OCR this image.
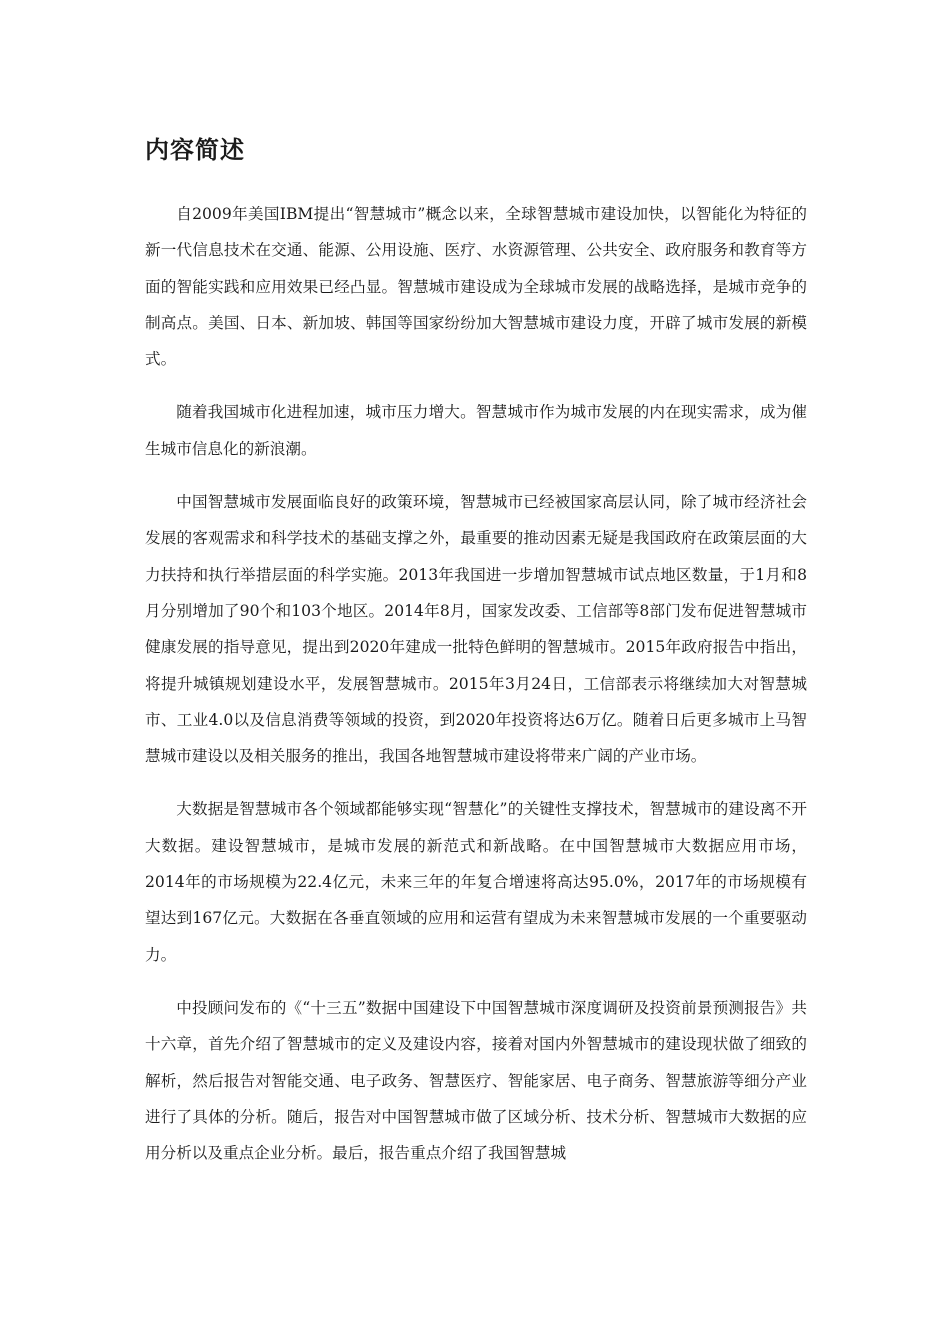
内容简述

自2009年美国IBM提出“智慧城市”概念以来，全球智慧城市建设加快，以智能化为特征的新一代信息技术在交通、能源、公用设施、医疗、水资源管理、公共安全、政府服务和教育等方面的智能实践和应用效果已经凸显。智慧城市建设成为全球城市发展的战略选择，是城市竞争的制高点。美国、日本、新加坡、韩国等国家纷纷加大智慧城市建设力度，开辟了城市发展的新模式。

随着我国城市化进程加速，城市压力增大。智慧城市作为城市发展的内在现实需求，成为催生城市信息化的新浪潮。

中国智慧城市发展面临良好的政策环境，智慧城市已经被国家高层认同，除了城市经济社会发展的客观需求和科学技术的基础支撑之外，最重要的推动因素无疑是我国政府在政策层面的大力扶持和执行举措层面的科学实施。2013年我国进一步增加智慧城市试点地区数量，于1月和8月分别增加了90个和103个地区。2014年8月，国家发改委、工信部等8部门发布促进智慧城市健康发展的指导意见，提出到2020年建成一批特色鲜明的智慧城市。2015年政府报告中指出，将提升城镇规划建设水平，发展智慧城市。2015年3月24日，工信部表示将继续加大对智慧城市、工业4.0以及信息消费等领域的投资，到2020年投资将达6万亿。随着日后更多城市上马智慧城市建设以及相关服务的推出，我国各地智慧城市建设将带来广阔的产业市场。

大数据是智慧城市各个领域都能够实现“智慧化”的关键性支撑技术，智慧城市的建设离不开大数据。建设智慧城市，是城市发展的新范式和新战略。在中国智慧城市大数据应用市场，2014年的市场规模为22.4亿元，未来三年的年复合增速将高达95.0%，2017年的市场规模有望达到167亿元。大数据在各垂直领域的应用和运营有望成为未来智慧城市发展的一个重要驱动力。

中投顾问发布的《“十三五”数据中国建设下中国智慧城市深度调研及投资前景预测报告》共十六章，首先介绍了智慧城市的定义及建设内容，接着对国内外智慧城市的建设现状做了细致的解析，然后报告对智能交通、电子政务、智慧医疗、智能家居、电子商务、智慧旅游等细分产业进行了具体的分析。随后，报告对中国智慧城市做了区域分析、技术分析、智慧城市大数据的应用分析以及重点企业分析。最后，报告重点介绍了我国智慧城
